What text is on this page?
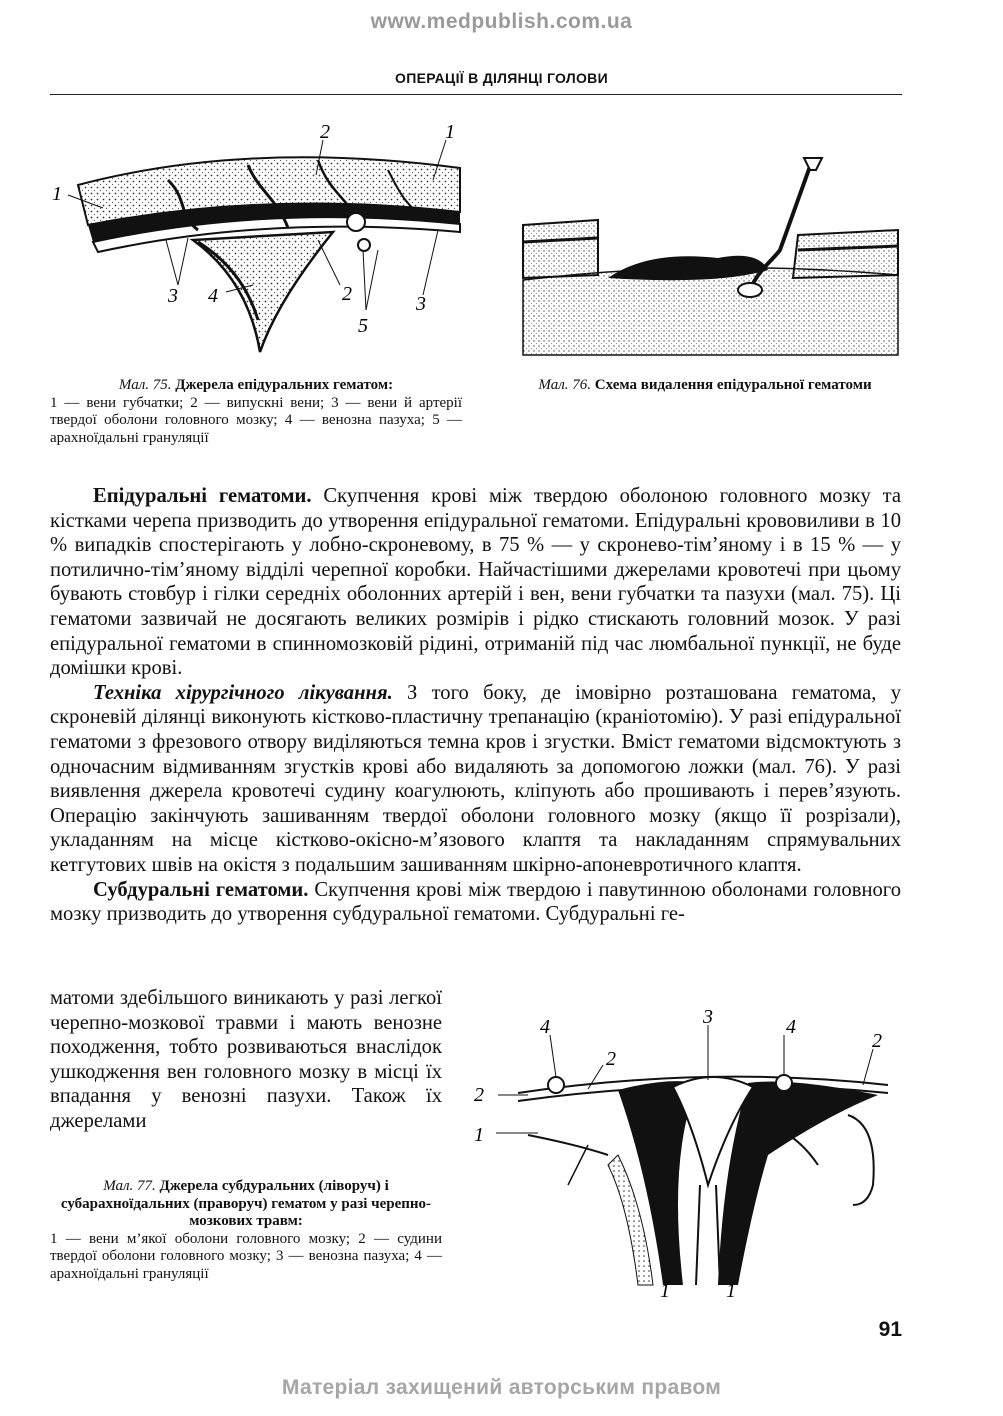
www.medpublish.com.ua
ОПЕРАЦІЇ В ДІЛЯНЦІ ГОЛОВИ
1
2	1
3 4	2	3
5
Мал. 75. Джерела епідуральних гематом:
1 — вени губчатки; 2 — випускні вени; 3 — вени й артерії твердої оболони головного мозку; 4 — венозна пазуха; 5 — арахноїдальні грануляції
Мал. 76. Схема видалення епідуральної гематоми

Епідуральні гематоми. Скупчення крові між твердою оболоною головного мозку та кістками черепа призводить до утворення епідуральної гематоми. Епідуральні крововиливи в 10 % випадків спостерігають у лобно-скроневому, в 75 % — у скронево-тім’яному і в 15 % — у потилично-тім’яному відділі черепної коробки. Найчастішими джерелами кровотечі при цьому бувають стовбур і гілки середніх оболонних артерій і вен, вени губчатки та пазухи (мал. 75). Ці гематоми зазвичай не досягають великих розмірів і рідко стискають головний мозок. У разі епідуральної гематоми в спинномозковій рідині, отриманій під час люмбальної пункції, не буде домішки крові.

Техніка хірургічного лікування. З того боку, де імовірно розташована гематома, у скроневій ділянці виконують кістково-пластичну трепанацію (краніотомію). У разі епідуральної гематоми з фрезового отвору виділяються темна кров і згустки. Вміст гематоми відсмоктують з одночасним відмиванням згустків крові або видаляють за допомогою ложки (мал. 76). У разі виявлення джерела кровотечі судину коагулюють, кліпують або прошивають і перев’язують. Операцію закінчують зашиванням твердої оболони головного мозку (якщо її розрізали), укладанням на місце кістково-окісно-м’язового клаптя та накладанням спрямувальних кетгутових швів на окістя з подальшим зашиванням шкірно-апоневротичного клаптя.

Субдуральні гематоми. Скупчення крові між твердою і павутинною оболонами головного мозку призводить до утворення субдуральної гематоми. Субдуральні ге-

матоми здебільшого виникають у разі легкої черепно-мозкової травми і мають венозне походження, тобто розвиваються внаслідок ушкодження вен головного мозку в місці їх впадання у венозні пазухи. Також їх джерелами

4	3	4
2
2
2
1
1	1
Мал. 77. Джерела субдуральних (ліворуч) і субарахноїдальних (праворуч) гематом у разі черепно-мозкових травм:
1 — вени м’якої оболони головного мозку; 2 — судини твердої оболони головного мозку; 3 — венозна пазуха; 4 — арахноїдальні грануляції
91
Матеріал захищений авторським правом
